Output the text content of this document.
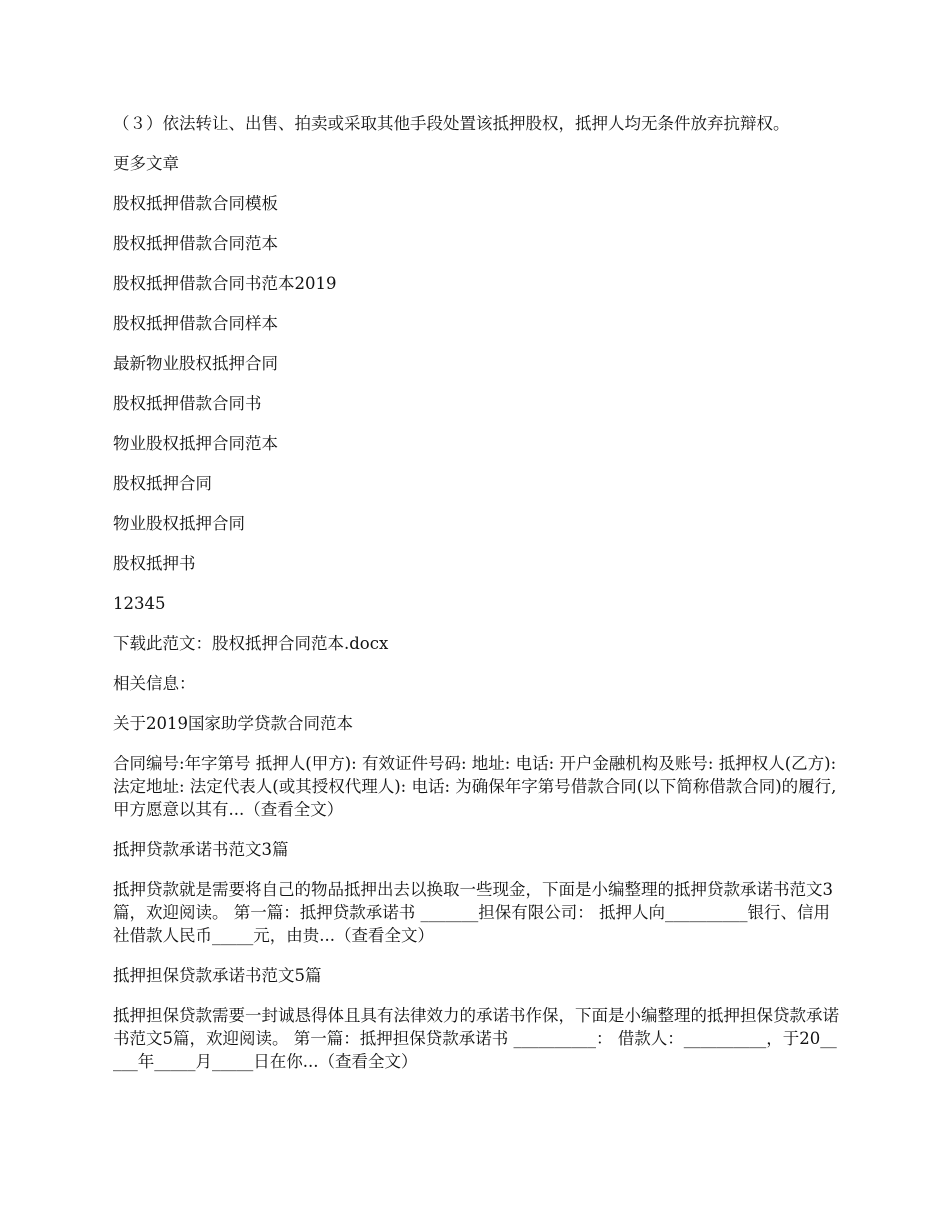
（３）依法转让、出售、拍卖或采取其他手段处置该抵押股权，抵押人均无条件放弃抗辩权。

更多文章

股权抵押借款合同模板

股权抵押借款合同范本

股权抵押借款合同书范本2019

股权抵押借款合同样本

最新物业股权抵押合同

股权抵押借款合同书

物业股权抵押合同范本

股权抵押合同

物业股权抵押合同

股权抵押书

12345

下载此范文：股权抵押合同范本.docx

相关信息：

关于2019国家助学贷款合同范本

合同编号:年字第号 抵押人(甲方): 有效证件号码: 地址: 电话: 开户金融机构及账号: 抵押权人(乙方): 法定地址: 法定代表人(或其授权代理人): 电话: 为确保年字第号借款合同(以下简称借款合同)的履行,甲方愿意以其有...（查看全文）

抵押贷款承诺书范文3篇

抵押贷款就是需要将自己的物品抵押出去以换取一些现金，下面是小编整理的抵押贷款承诺书范文3篇，欢迎阅读。 第一篇：抵押贷款承诺书 _______担保有限公司： 抵押人向__________银行、信用社借款人民币_____元，由贵...（查看全文）

抵押担保贷款承诺书范文5篇

抵押担保贷款需要一封诚恳得体且具有法律效力的承诺书作保，下面是小编整理的抵押担保贷款承诺书范文5篇，欢迎阅读。 第一篇：抵押担保贷款承诺书 __________： 借款人：__________，于20_____年_____月_____日在你...（查看全文）
